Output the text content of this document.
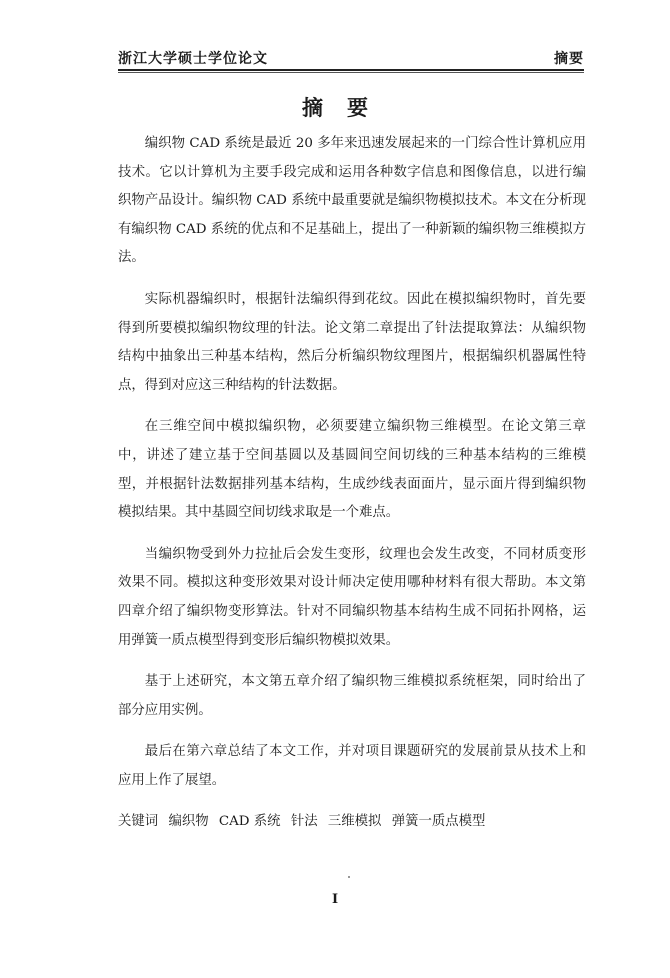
浙江大学硕士学位论文	摘要
摘要

编织物 CAD 系统是最近 20 多年来迅速发展起来的一门综合性计算机应用技术。它以计算机为主要手段完成和运用各种数字信息和图像信息，以进行编织物产品设计。编织物 CAD 系统中最重要就是编织物模拟技术。本文在分析现有编织物 CAD 系统的优点和不足基础上，提出了一种新颖的编织物三维模拟方法。

实际机器编织时，根据针法编织得到花纹。因此在模拟编织物时，首先要得到所要模拟编织物纹理的针法。论文第二章提出了针法提取算法：从编织物结构中抽象出三种基本结构，然后分析编织物纹理图片，根据编织机器属性特点，得到对应这三种结构的针法数据。

在三维空间中模拟编织物，必须要建立编织物三维模型。在论文第三章中，讲述了建立基于空间基圆以及基圆间空间切线的三种基本结构的三维模型，并根据针法数据排列基本结构，生成纱线表面面片，显示面片得到编织物模拟结果。其中基圆空间切线求取是一个难点。

当编织物受到外力拉扯后会发生变形，纹理也会发生改变，不同材质变形效果不同。模拟这种变形效果对设计师决定使用哪种材料有很大帮助。本文第四章介绍了编织物变形算法。针对不同编织物基本结构生成不同拓扑网格，运用弹簧一质点模型得到变形后编织物模拟效果。

基于上述研究，本文第五章介绍了编织物三维模拟系统框架，同时给出了部分应用实例。

最后在第六章总结了本文工作，并对项目课题研究的发展前景从技术上和应用上作了展望。

关键词 编织物 CAD 系统 针法 三维模拟 弹簧一质点模型
I
